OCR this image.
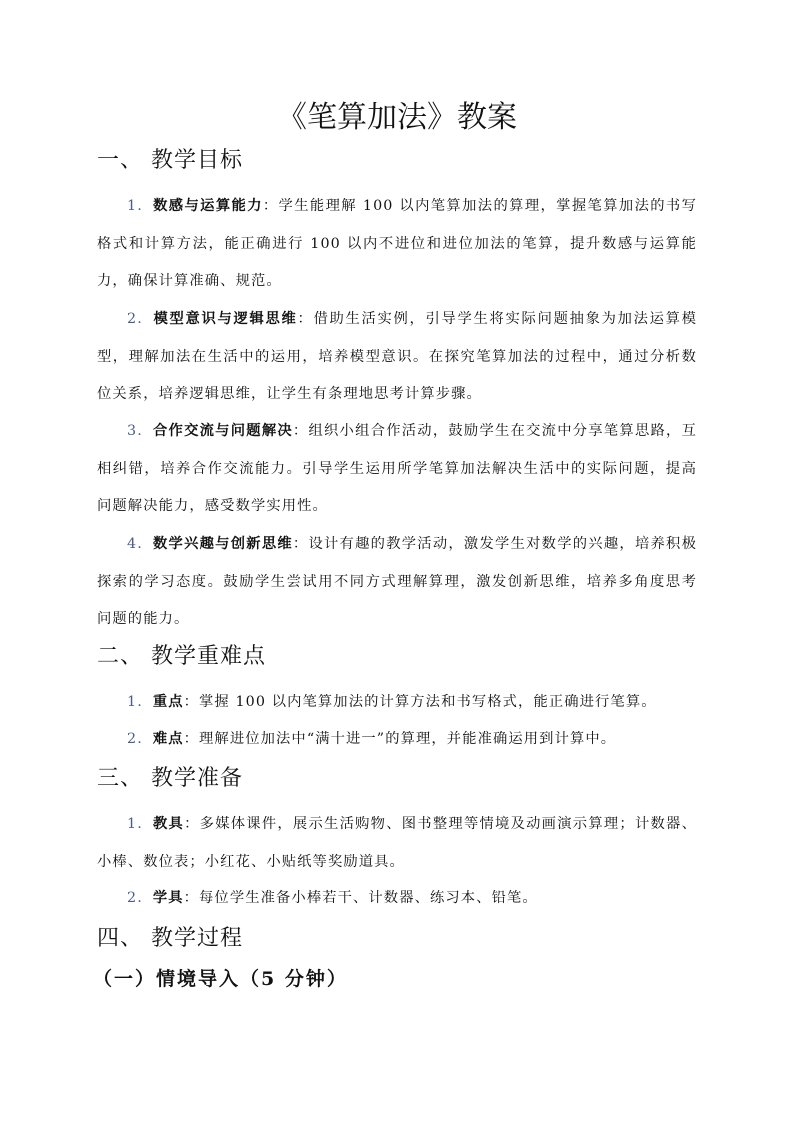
《笔算加法》教案
一、 教学目标

1. 数感与运算能力：学生能理解 100 以内笔算加法的算理，掌握笔算加法的书写格式和计算方法，能正确进行 100 以内不进位和进位加法的笔算，提升数感与运算能力，确保计算准确、规范。

2. 模型意识与逻辑思维：借助生活实例，引导学生将实际问题抽象为加法运算模型，理解加法在生活中的运用，培养模型意识。在探究笔算加法的过程中，通过分析数位关系，培养逻辑思维，让学生有条理地思考计算步骤。

3. 合作交流与问题解决：组织小组合作活动，鼓励学生在交流中分享笔算思路，互相纠错，培养合作交流能力。引导学生运用所学笔算加法解决生活中的实际问题，提高问题解决能力，感受数学实用性。

4. 数学兴趣与创新思维：设计有趣的教学活动，激发学生对数学的兴趣，培养积极探索的学习态度。鼓励学生尝试用不同方式理解算理，激发创新思维，培养多角度思考问题的能力。

二、 教学重难点

1. 重点：掌握 100 以内笔算加法的计算方法和书写格式，能正确进行笔算。

2. 难点：理解进位加法中“满十进一”的算理，并能准确运用到计算中。

三、 教学准备

1. 教具：多媒体课件，展示生活购物、图书整理等情境及动画演示算理；计数器、小棒、数位表；小红花、小贴纸等奖励道具。

2. 学具：每位学生准备小棒若干、计数器、练习本、铅笔。

四、 教学过程
（一）情境导入（5 分钟）
